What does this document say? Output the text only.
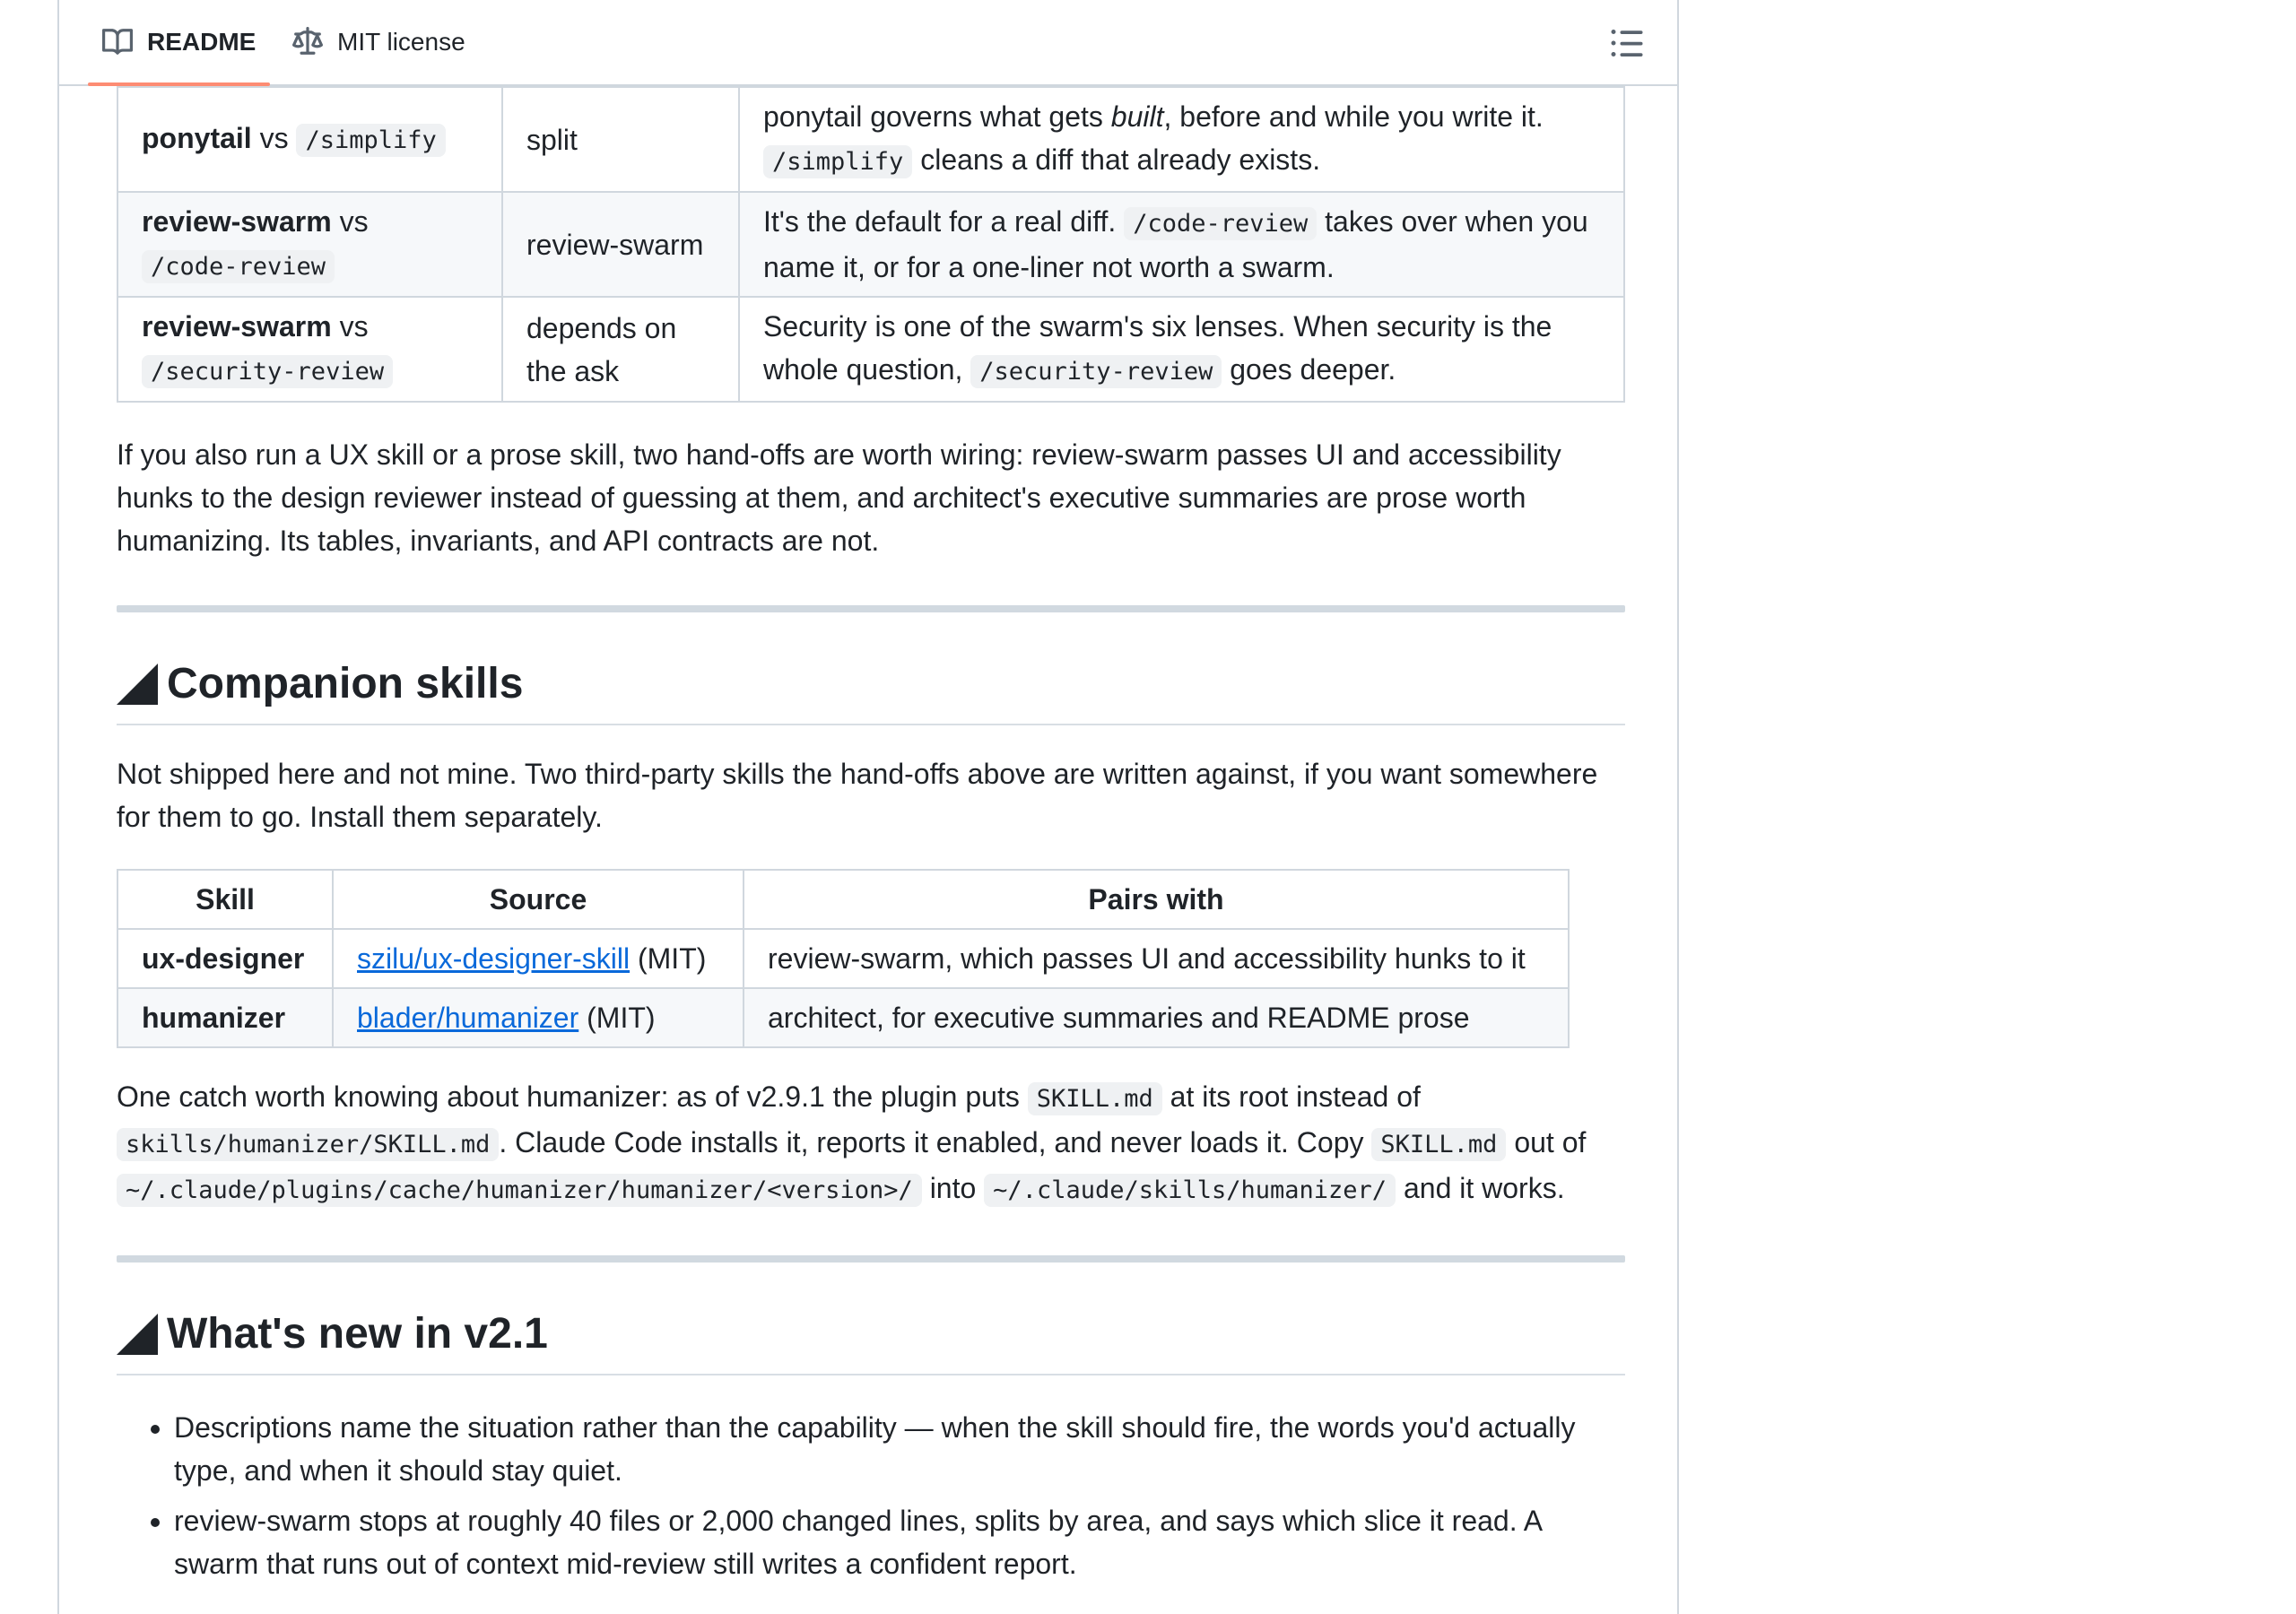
README	MIT license
ponytail vs /simplify	split	ponytail governs what gets built, before and while you write it.
/simplify cleans a diff that already exists.
review-swarm vs
/code-review	review-swarm	It's the default for a real diff. /code-review takes over when you name it, or for a one-liner not worth a swarm.
review-swarm vs
/security-review	depends on the ask	Security is one of the swarm's six lenses. When security is the whole question, /security-review goes deeper.

If you also run a UX skill or a prose skill, two hand-offs are worth wiring: review-swarm passes UI and accessibility hunks to the design reviewer instead of guessing at them, and architect's executive summaries are prose worth humanizing. Its tables, invariants, and API contracts are not.

Companion skills

Not shipped here and not mine. Two third-party skills the hand-offs above are written against, if you want somewhere for them to go. Install them separately.

Skill	Source	Pairs with
ux-designer	szilu/ux-designer-skill (MIT)	review-swarm, which passes UI and accessibility hunks to it
humanizer	blader/humanizer (MIT)	architect, for executive summaries and README prose

One catch worth knowing about humanizer: as of v2.9.1 the plugin puts SKILL.md at its root instead of
skills/humanizer/SKILL.md . Claude Code installs it, reports it enabled, and never loads it. Copy SKILL.md out of
~/.claude/plugins/cache/humanizer/humanizer/<version>/ into ~/.claude/skills/humanizer/ and it works.

What's new in v2.1
• Descriptions name the situation rather than the capability — when the skill should fire, the words you'd actually type, and when it should stay quiet.
• review-swarm stops at roughly 40 files or 2,000 changed lines, splits by area, and says which slice it read. A swarm that runs out of context mid-review still writes a confident report.
